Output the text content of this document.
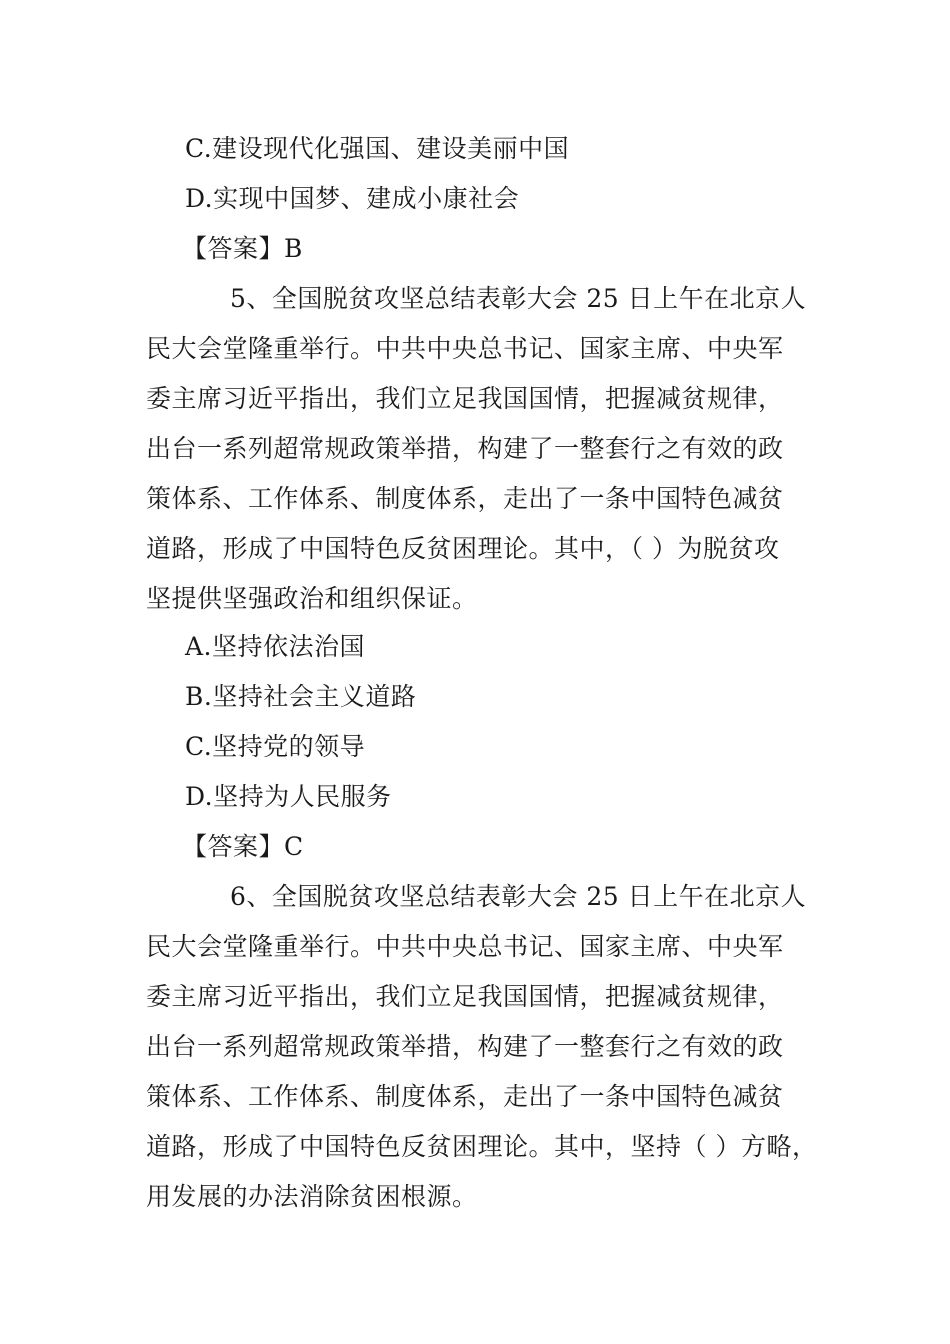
C.建设现代化强国、建设美丽中国
D.实现中国梦、建成小康社会
【答案】B
5、全国脱贫攻坚总结表彰大会 25 日上午在北京人
民大会堂隆重举行。中共中央总书记、国家主席、中央军
委主席习近平指出，我们立足我国国情，把握减贫规律，
出台一系列超常规政策举措，构建了一整套行之有效的政
策体系、工作体系、制度体系，走出了一条中国特色减贫
道路，形成了中国特色反贫困理论。其中，（ ）为脱贫攻
坚提供坚强政治和组织保证。
A.坚持依法治国
B.坚持社会主义道路
C.坚持党的领导
D.坚持为人民服务
【答案】C
6、全国脱贫攻坚总结表彰大会 25 日上午在北京人
民大会堂隆重举行。中共中央总书记、国家主席、中央军
委主席习近平指出，我们立足我国国情，把握减贫规律，
出台一系列超常规政策举措，构建了一整套行之有效的政
策体系、工作体系、制度体系，走出了一条中国特色减贫
道路，形成了中国特色反贫困理论。其中，坚持（ ）方略，
用发展的办法消除贫困根源。
